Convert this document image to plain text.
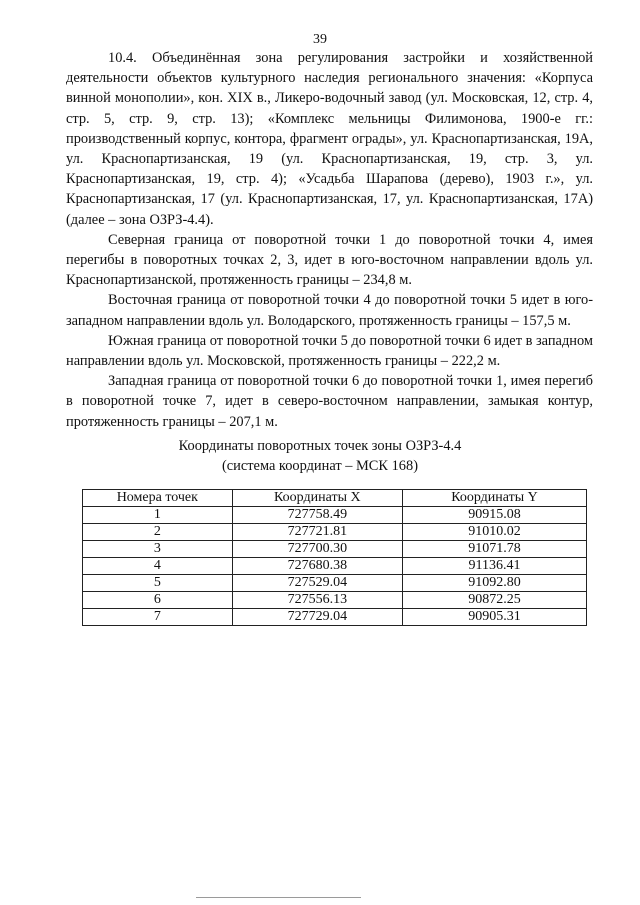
39

10.4. Объединённая зона регулирования застройки и хозяйственной деятельности объектов культурного наследия регионального значения: «Корпуса винной монополии», кон. XIX в., Ликеро-водочный завод (ул. Московская, 12, стр. 4, стр. 5, стр. 9, стр. 13); «Комплекс мельницы Филимонова, 1900-е гг.: производственный корпус, контора, фрагмент ограды», ул. Краснопартизанская, 19А, ул. Краснопартизанская, 19 (ул. Краснопартизанская, 19, стр. 3, ул. Краснопартизанская, 19, стр. 4); «Усадьба Шарапова (дерево), 1903 г.», ул. Краснопартизанская, 17 (ул. Краснопартизанская, 17, ул. Краснопартизанская, 17А) (далее – зона ОЗРЗ-4.4).

Северная граница от поворотной точки 1 до поворотной точки 4, имея перегибы в поворотных точках 2, 3, идет в юго-восточном направлении вдоль ул. Краснопартизанской, протяженность границы – 234,8 м.

Восточная граница от поворотной точки 4 до поворотной точки 5 идет в юго-западном направлении вдоль ул. Володарского, протяженность границы – 157,5 м.

Южная граница от поворотной точки 5 до поворотной точки 6 идет в западном направлении вдоль ул. Московской, протяженность границы – 222,2 м.

Западная граница от поворотной точки 6 до поворотной точки 1, имея перегиб в поворотной точке 7, идет в северо-восточном направлении, замыкая контур, протяженность границы – 207,1 м.

Координаты поворотных точек зоны ОЗРЗ-4.4
(система координат – МСК 168)
Номера точек	Координаты X	Координаты Y
1	727758.49	90915.08
2	727721.81	91010.02
3	727700.30	91071.78
4	727680.38	91136.41
5	727529.04	91092.80
6	727556.13	90872.25
7	727729.04	90905.31
